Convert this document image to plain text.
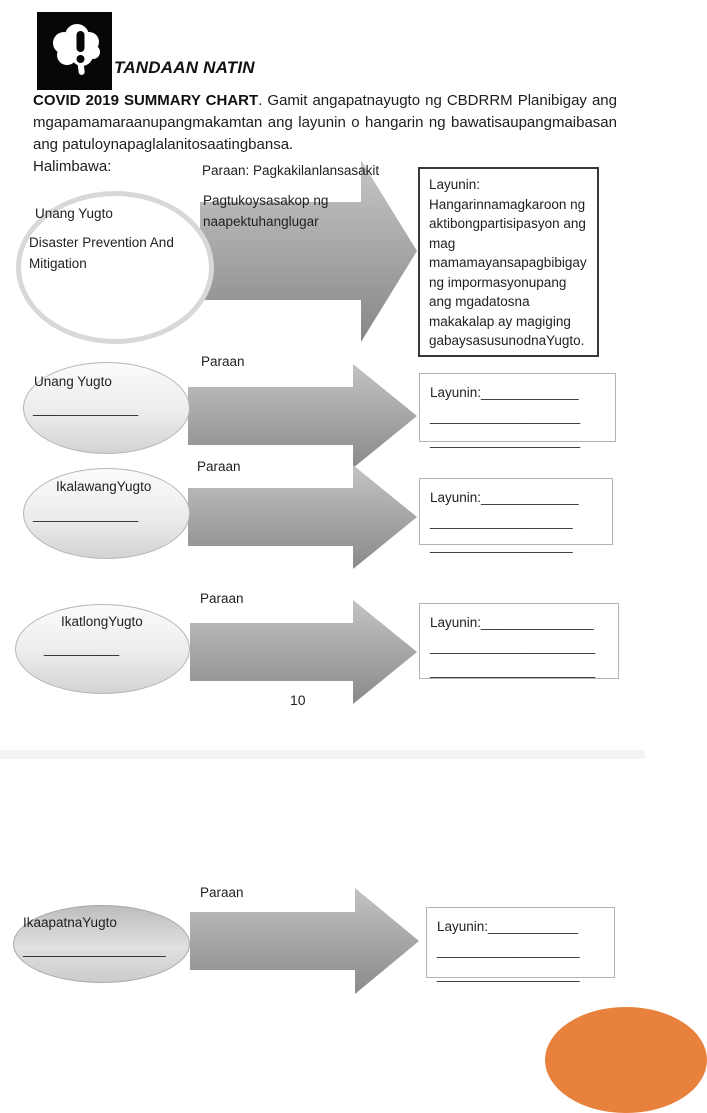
TANDAAN NATIN
COVID 2019 SUMMARY CHART. Gamit angapatnayugto ng CBDRRM Planibigay ang mgapamamaraanupangmakamtan ang layunin o hangarin ng bawatisaupangmaibasan ang patuloynapaglalanitosaatingbansa.
Halimbawa:	Paraan: Pagkakilanlansasakit
Pagtukoysasakop ng naapektuhanglugar
Unang Yugto
Disaster Prevention And Mitigation
Layunin: Hangarinnamagkaroon ng aktibongpartisipasyon ang mag mamamayansapagbibigay ng impormasyonupang ang mgadatosna makakalap ay magiging gabaysasusunodnaYugto.
Paraan
Unang Yugto
______________
Layunin:_____________
____________________
____________________
Paraan
IkalawangYugto
______________
Layunin:_____________
___________________
___________________
Paraan
IkatlongYugto
__________
Layunin:_______________
______________________
______________________
10
Paraan
IkaapatnaYugto
___________________
Layunin:____________
___________________
___________________
